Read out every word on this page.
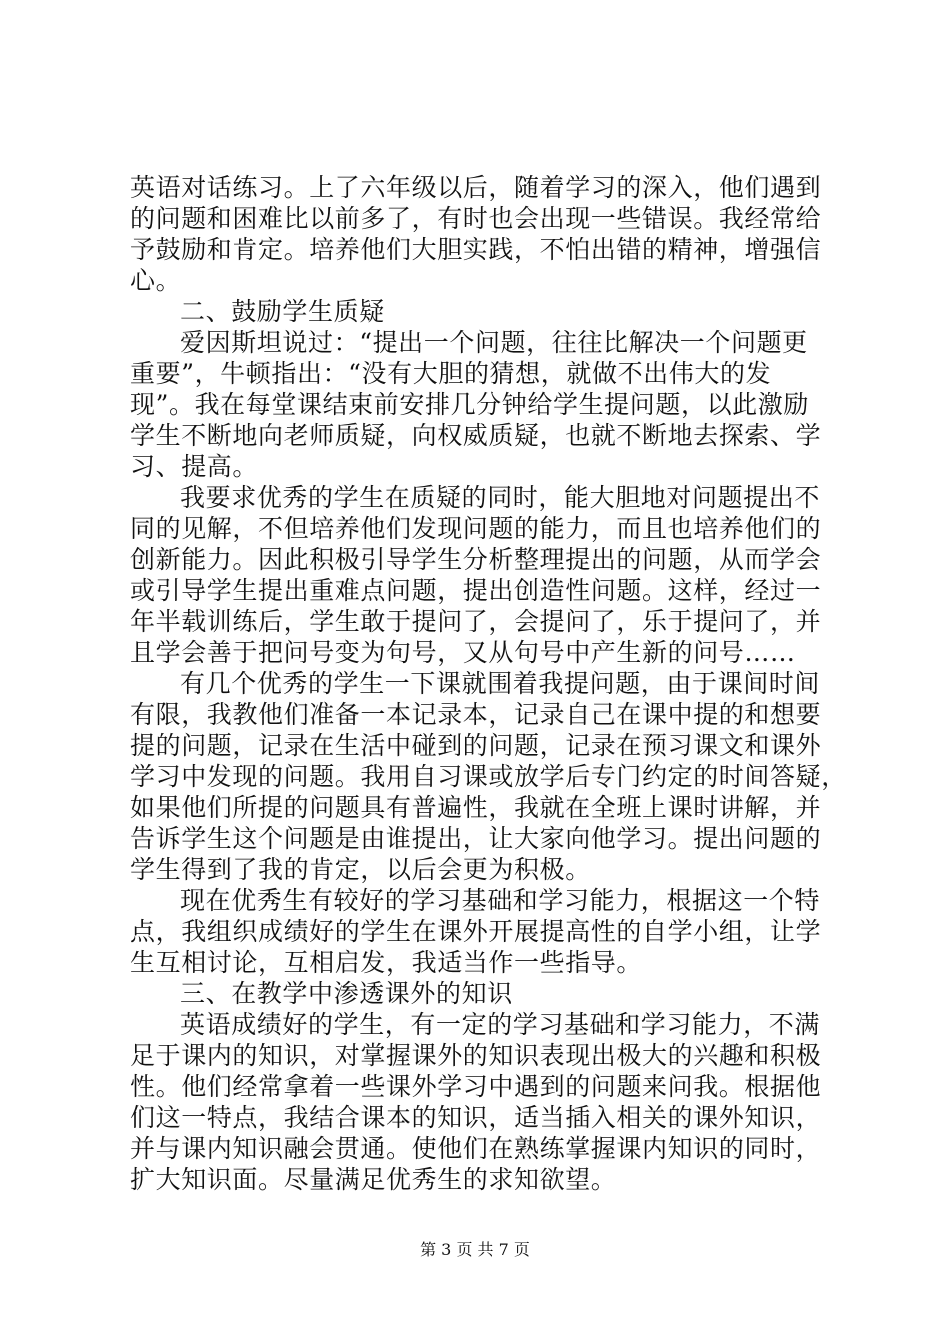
英语对话练习。上了六年级以后，随着学习的深入，他们遇到
的问题和困难比以前多了，有时也会出现一些错误。我经常给
予鼓励和肯定。培养他们大胆实践，不怕出错的精神，增强信
心。
二、鼓励学生质疑
爱因斯坦说过：“提出一个问题，往往比解决一个问题更
重要”，牛顿指出：“没有大胆的猜想，就做不出伟大的发
现”。我在每堂课结束前安排几分钟给学生提问题，以此激励
学生不断地向老师质疑，向权威质疑，也就不断地去探索、学
习、提高。
我要求优秀的学生在质疑的同时，能大胆地对问题提出不
同的见解，不但培养他们发现问题的能力，而且也培养他们的
创新能力。因此积极引导学生分析整理提出的问题，从而学会
或引导学生提出重难点问题，提出创造性问题。这样，经过一
年半载训练后，学生敢于提问了，会提问了，乐于提问了，并
且学会善于把问号变为句号，又从句号中产生新的问号……
有几个优秀的学生一下课就围着我提问题，由于课间时间
有限，我教他们准备一本记录本，记录自己在课中提的和想要
提的问题，记录在生活中碰到的问题，记录在预习课文和课外
学习中发现的问题。我用自习课或放学后专门约定的时间答疑，
如果他们所提的问题具有普遍性，我就在全班上课时讲解，并
告诉学生这个问题是由谁提出，让大家向他学习。提出问题的
学生得到了我的肯定，以后会更为积极。
现在优秀生有较好的学习基础和学习能力，根据这一个特
点，我组织成绩好的学生在课外开展提高性的自学小组，让学
生互相讨论，互相启发，我适当作一些指导。
三、在教学中渗透课外的知识
英语成绩好的学生，有一定的学习基础和学习能力，不满
足于课内的知识，对掌握课外的知识表现出极大的兴趣和积极
性。他们经常拿着一些课外学习中遇到的问题来问我。根据他
们这一特点，我结合课本的知识，适当插入相关的课外知识，
并与课内知识融会贯通。使他们在熟练掌握课内知识的同时，
扩大知识面。尽量满足优秀生的求知欲望。
第 3 页 共 7 页
